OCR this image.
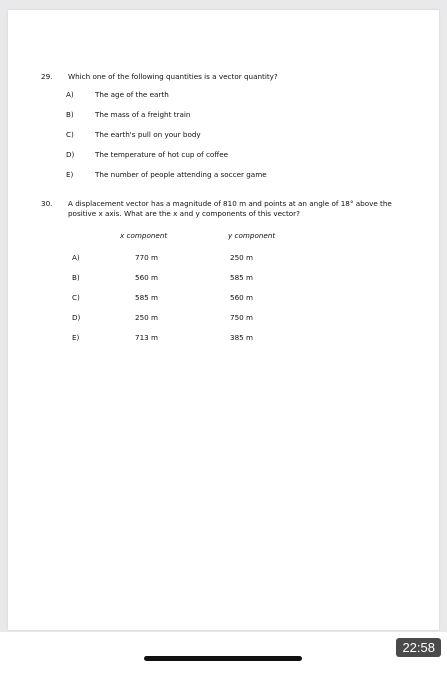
29. Which one of the following quantities is a vector quantity?
A)	The age of the earth
B)	The mass of a freight train
C)	The earth's pull on your body
D)	The temperature of hot cup of coffee
E)	The number of people attending a soccer game
30. A displacement vector has a magnitude of 810 m and points at an angle of 18° above the positive x axis. What are the x and y components of this vector?
x component	y component
A)	770 m	250 m
B)	560 m	585 m
C)	585 m	560 m
D)	250 m	750 m
E)	713 m	385 m
22:58
